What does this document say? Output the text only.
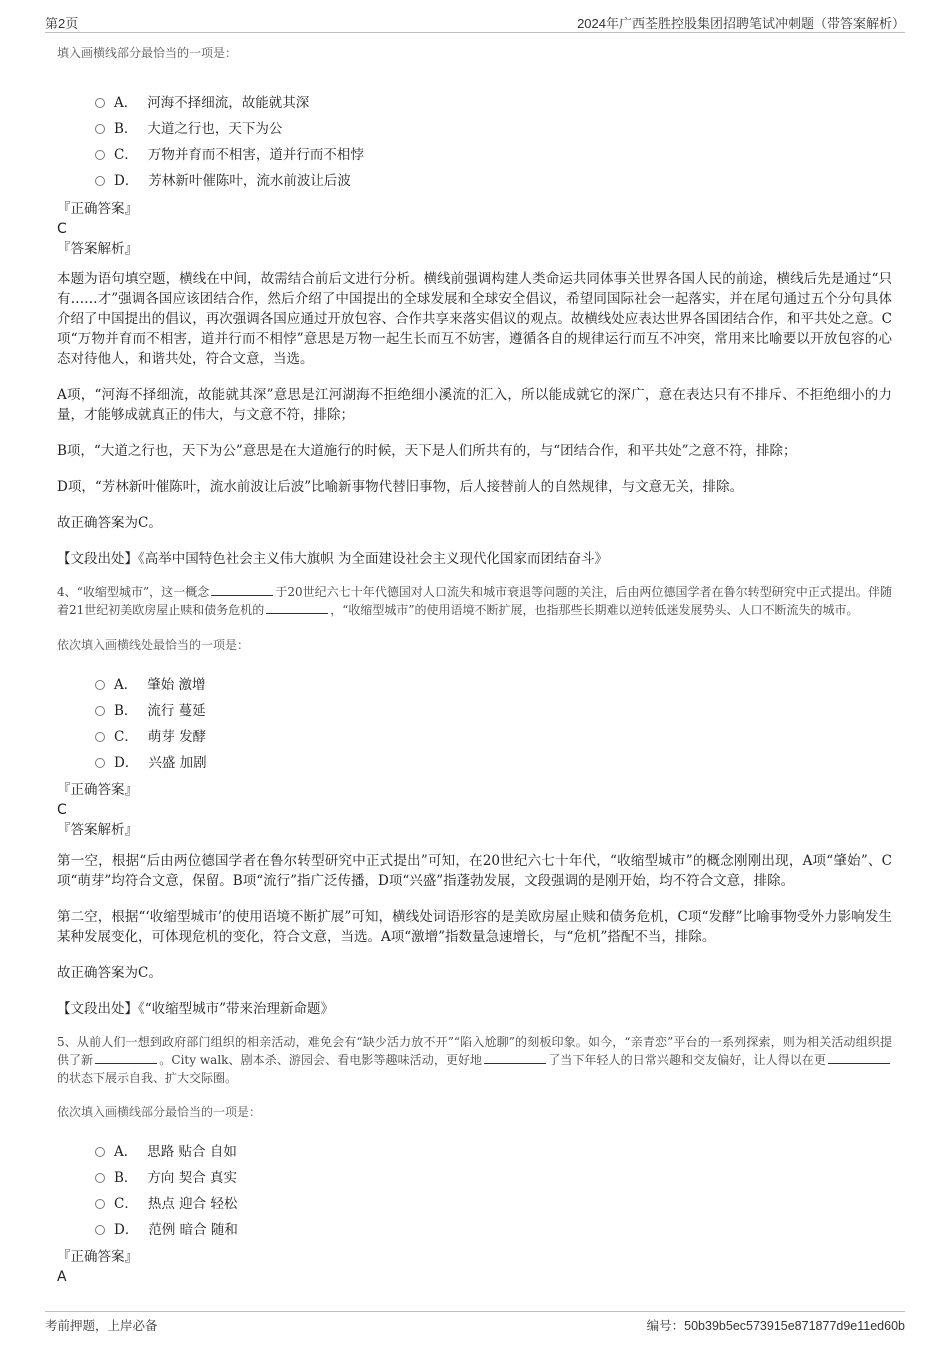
第2页	2024年广西荃胜控股集团招聘笔试冲刺题（带答案解析）

填入画横线部分最恰当的一项是：

A． 河海不择细流，故能就其深
B． 大道之行也，天下为公
C． 万物并育而不相害，道并行而不相悖
D． 芳林新叶催陈叶，流水前波让后波

『正确答案』

C

『答案解析』

本题为语句填空题，横线在中间，故需结合前后文进行分析。横线前强调构建人类命运共同体事关世界各国人民的前途，横线后先是通过“只有……才”强调各国应该团结合作，然后介绍了中国提出的全球发展和全球安全倡议，希望同国际社会一起落实，并在尾句通过五个分句具体介绍了中国提出的倡议，再次强调各国应通过开放包容、合作共享来落实倡议的观点。故横线处应表达世界各国团结合作，和平共处之意。C项“万物并育而不相害，道并行而不相悖”意思是万物一起生长而互不妨害，遵循各自的规律运行而互不冲突，常用来比喻要以开放包容的心态对待他人，和谐共处，符合文意，当选。

A项，“河海不择细流，故能就其深”意思是江河湖海不拒绝细小溪流的汇入，所以能成就它的深广，意在表达只有不排斥、不拒绝细小的力量，才能够成就真正的伟大，与文意不符，排除；

B项，“大道之行也，天下为公”意思是在大道施行的时候，天下是人们所共有的，与“团结合作，和平共处”之意不符，排除；

D项，“芳林新叶催陈叶，流水前波让后波”比喻新事物代替旧事物，后人接替前人的自然规律，与文意无关，排除。

故正确答案为C。

【文段出处】《高举中国特色社会主义伟大旗帜 为全面建设社会主义现代化国家而团结奋斗》

4、“收缩型城市”，这一概念	于20世纪六七十年代德国对人口流失和城市衰退等问题的关注，后由两位德国学者在鲁尔转型研究中正式提出。伴随着21世纪初美欧房屋止赎和债务危机的	，“收缩型城市”的使用语境不断扩展，也指那些长期难以逆转低迷发展势头、人口不断流失的城市。

依次填入画横线处最恰当的一项是：

A． 肇始 激增
B． 流行 蔓延
C． 萌芽 发酵
D． 兴盛 加剧

『正确答案』

C

『答案解析』

第一空，根据“后由两位德国学者在鲁尔转型研究中正式提出”可知，在20世纪六七十年代，“收缩型城市”的概念刚刚出现，A项“肇始”、C项“萌芽”均符合文意，保留。B项“流行”指广泛传播，D项“兴盛”指蓬勃发展，文段强调的是刚开始，均不符合文意，排除。

第二空，根据“‘收缩型城市’的使用语境不断扩展”可知，横线处词语形容的是美欧房屋止赎和债务危机，C项“发酵”比喻事物受外力影响发生某种发展变化，可体现危机的变化，符合文意，当选。A项“激增”指数量急速增长，与“危机”搭配不当，排除。

故正确答案为C。

【文段出处】《“收缩型城市”带来治理新命题》

5、从前人们一想到政府部门组织的相亲活动，难免会有“缺少活力放不开”“陷入尬聊”的刻板印象。如今，“亲青恋”平台的一系列探索，则为相关活动组织提供了新	。City walk、剧本杀、游园会、看电影等趣味活动，更好地	了当下年轻人的日常兴趣和交友偏好，让人得以在更的状态下展示自我、扩大交际圈。

依次填入画横线部分最恰当的一项是：

A． 思路 贴合 自如
B． 方向 契合 真实
C． 热点 迎合 轻松
D． 范例 暗合 随和

『正确答案』

A

考前押题，上岸必备	编号：50b39b5ec573915e871877d9e11ed60b
